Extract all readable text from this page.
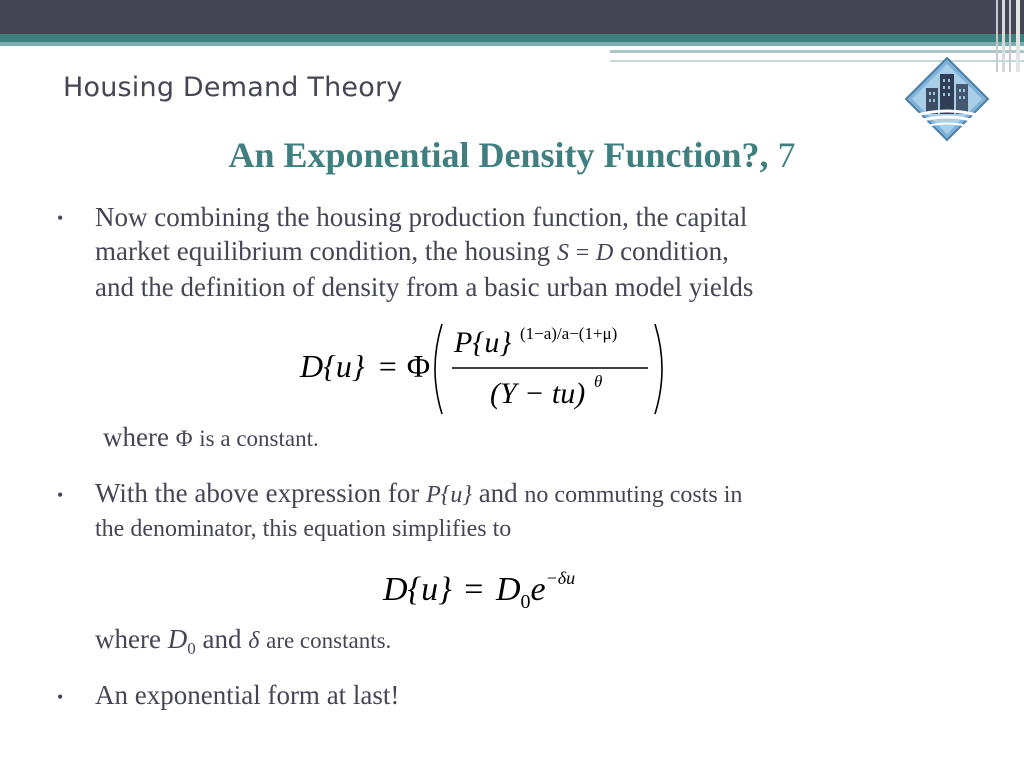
Housing Demand Theory
An Exponential Density Function?, 7
• Now combining the housing production function, the capital
market equilibrium condition, the housing S = D condition,
and the definition of density from a basic urban model yields
D{u} = Φ
P{u} (1−a)/a−(1+μ)
(Y − tu) θ
where Φ is a constant.
• With the above expression for P{u} and no commuting costs in
the denominator, this equation simplifies to
$D\{u\} = D_0e^{-\delta u}$
where $D_0$ and δ are constants.
• An exponential form at last!
